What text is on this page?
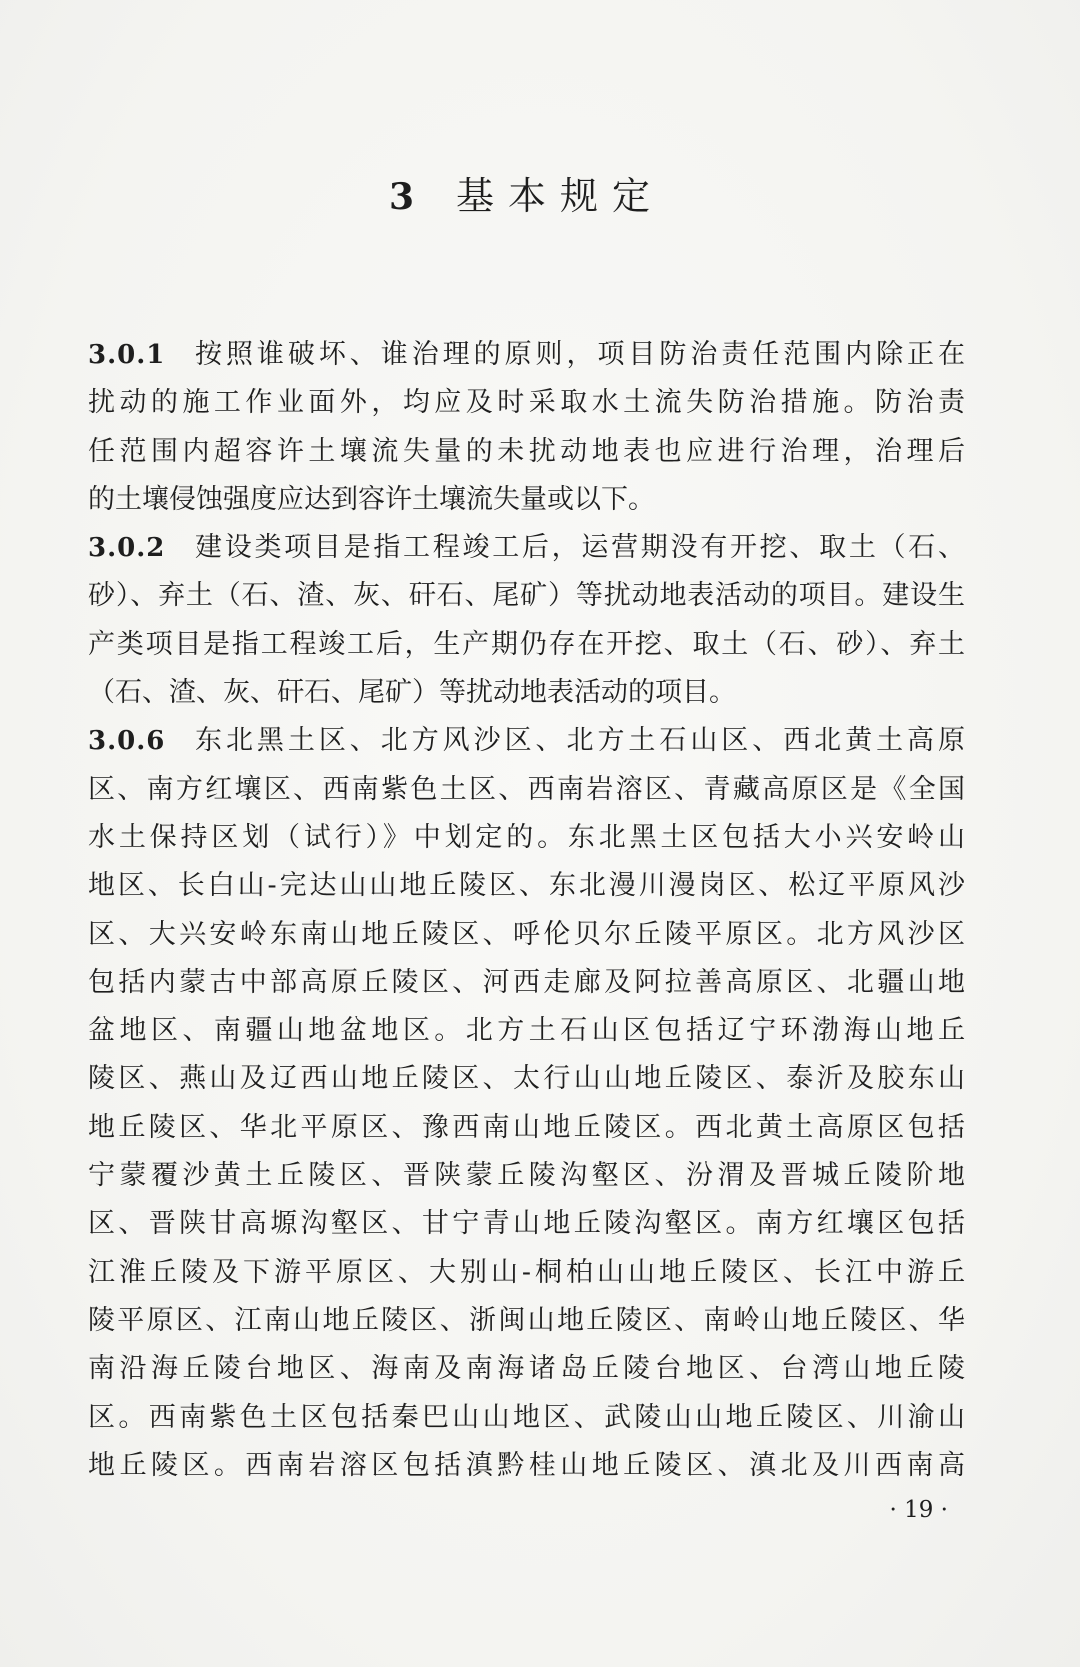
3 基本规定
3.0.1	按照谁破坏、谁治理的原则，项目防治责任范围内除正在
扰动的施工作业面外，均应及时采取水土流失防治措施。防治责
任范围内超容许土壤流失量的未扰动地表也应进行治理，治理后
的土壤侵蚀强度应达到容许土壤流失量或以下。
3.0.2	建设类项目是指工程竣工后，运营期没有开挖、取土（石、
砂）、弃土（石、渣、灰、矸石、尾矿）等扰动地表活动的项目。建设生
产类项目是指工程竣工后，生产期仍存在开挖、取土（石、砂）、弃土
（石、渣、灰、矸石、尾矿）等扰动地表活动的项目。
3.0.6	东北黑土区、北方风沙区、北方土石山区、西北黄土高原
区、南方红壤区、西南紫色土区、西南岩溶区、青藏高原区是《全国
水土保持区划（试行）》中划定的。东北黑土区包括大小兴安岭山
地区、长白山-完达山山地丘陵区、东北漫川漫岗区、松辽平原风沙
区、大兴安岭东南山地丘陵区、呼伦贝尔丘陵平原区。北方风沙区
包括内蒙古中部高原丘陵区、河西走廊及阿拉善高原区、北疆山地
盆地区、南疆山地盆地区。北方土石山区包括辽宁环渤海山地丘
陵区、燕山及辽西山地丘陵区、太行山山地丘陵区、泰沂及胶东山
地丘陵区、华北平原区、豫西南山地丘陵区。西北黄土高原区包括
宁蒙覆沙黄土丘陵区、晋陕蒙丘陵沟壑区、汾渭及晋城丘陵阶地
区、晋陕甘高塬沟壑区、甘宁青山地丘陵沟壑区。南方红壤区包括
江淮丘陵及下游平原区、大别山-桐柏山山地丘陵区、长江中游丘
陵平原区、江南山地丘陵区、浙闽山地丘陵区、南岭山地丘陵区、华
南沿海丘陵台地区、海南及南海诸岛丘陵台地区、台湾山地丘陵
区。西南紫色土区包括秦巴山山地区、武陵山山地丘陵区、川渝山
地丘陵区。西南岩溶区包括滇黔桂山地丘陵区、滇北及川西南高
· 19 ·
